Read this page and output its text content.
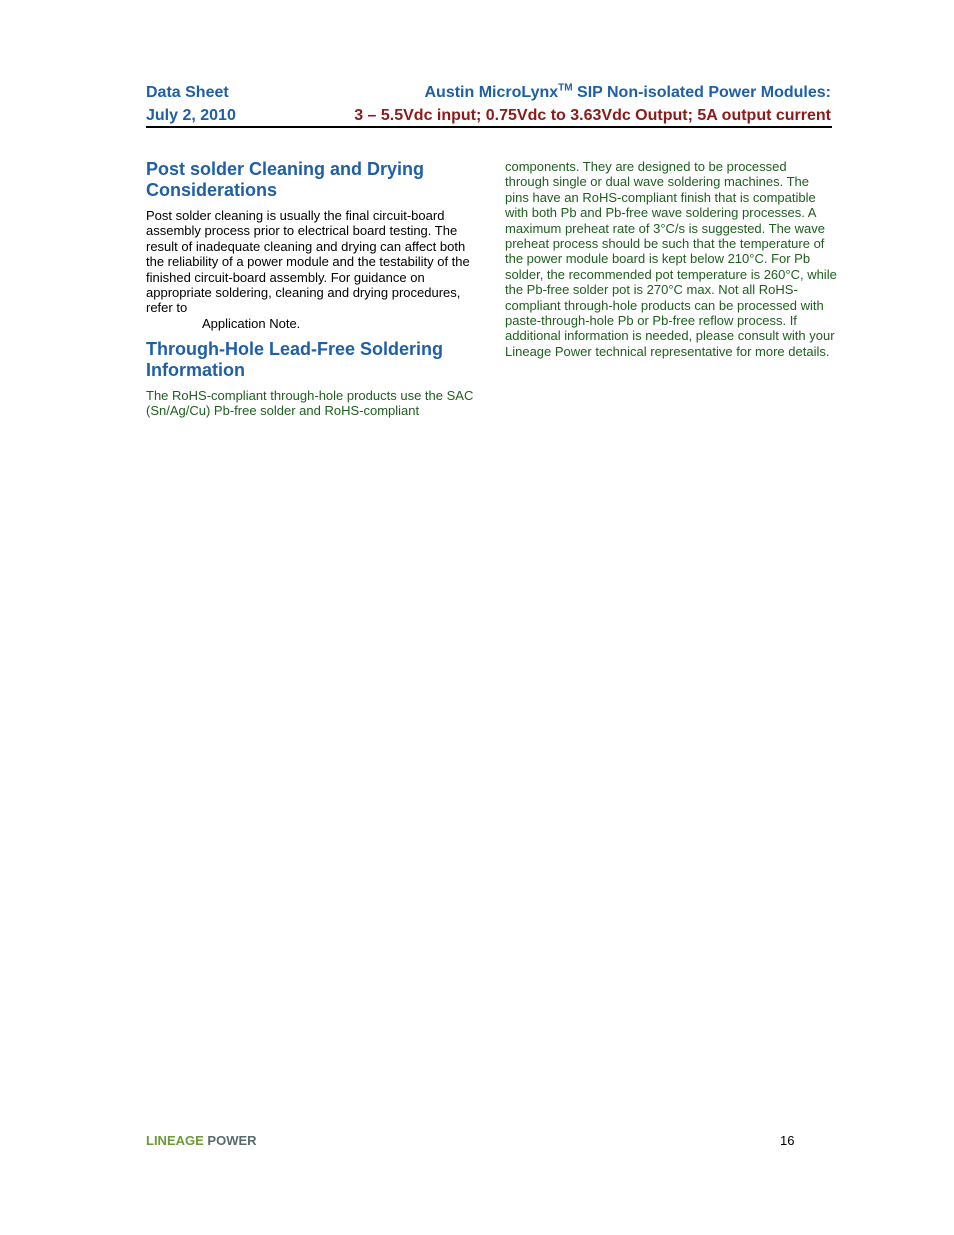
Data Sheet
July 2, 2010
Austin MicroLynx™ SIP Non-isolated Power Modules:
3 – 5.5Vdc input; 0.75Vdc to 3.63Vdc Output; 5A output current
Post solder Cleaning and Drying
Considerations
Post solder cleaning is usually the final circuit-board
assembly process prior to electrical board testing. The
result of inadequate cleaning and drying can affect both
the reliability of a power module and the testability of the
finished circuit-board assembly. For guidance on
appropriate soldering, cleaning and drying procedures,
refer to
Application Note.
Through-Hole Lead-Free Soldering
Information
The RoHS-compliant through-hole products use the SAC
(Sn/Ag/Cu) Pb-free solder and RoHS-compliant
components. They are designed to be processed
through single or dual wave soldering machines. The
pins have an RoHS-compliant finish that is compatible
with both Pb and Pb-free wave soldering processes. A
maximum preheat rate of 3°C/s is suggested. The wave
preheat process should be such that the temperature of
the power module board is kept below 210°C. For Pb
solder, the recommended pot temperature is 260°C, while
the Pb-free solder pot is 270°C max. Not all RoHS-
compliant through-hole products can be processed with
paste-through-hole Pb or Pb-free reflow process. If
additional information is needed, please consult with your
Lineage Power technical representative for more details.
LINEAGE POWER	16
